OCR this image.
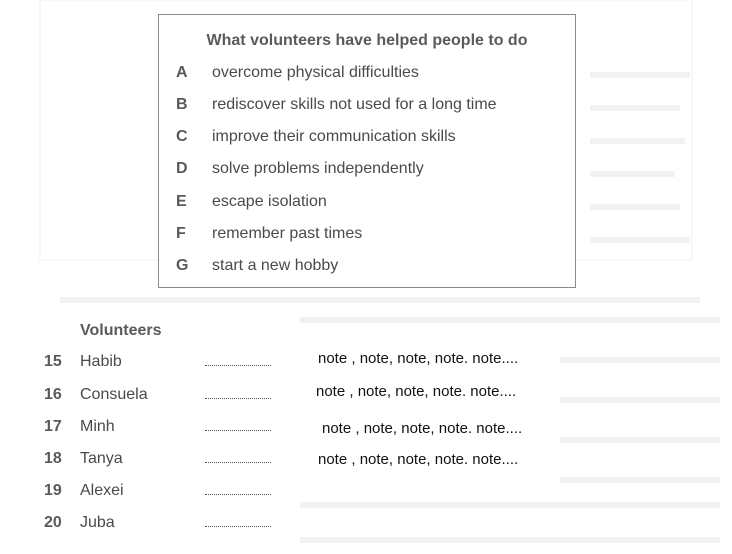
What volunteers have helped people to do
A overcome physical difficulties
B rediscover skills not used for a long time
C improve their communication skills
D solve problems independently
E escape isolation
F remember past times
G start a new hobby
Volunteers
15 Habib	note , note, note, note. note....
16 Consuela	note , note, note, note. note....
17 Minh	note , note, note, note. note....
18 Tanya	note , note, note, note. note....
19 Alexei
20 Juba
